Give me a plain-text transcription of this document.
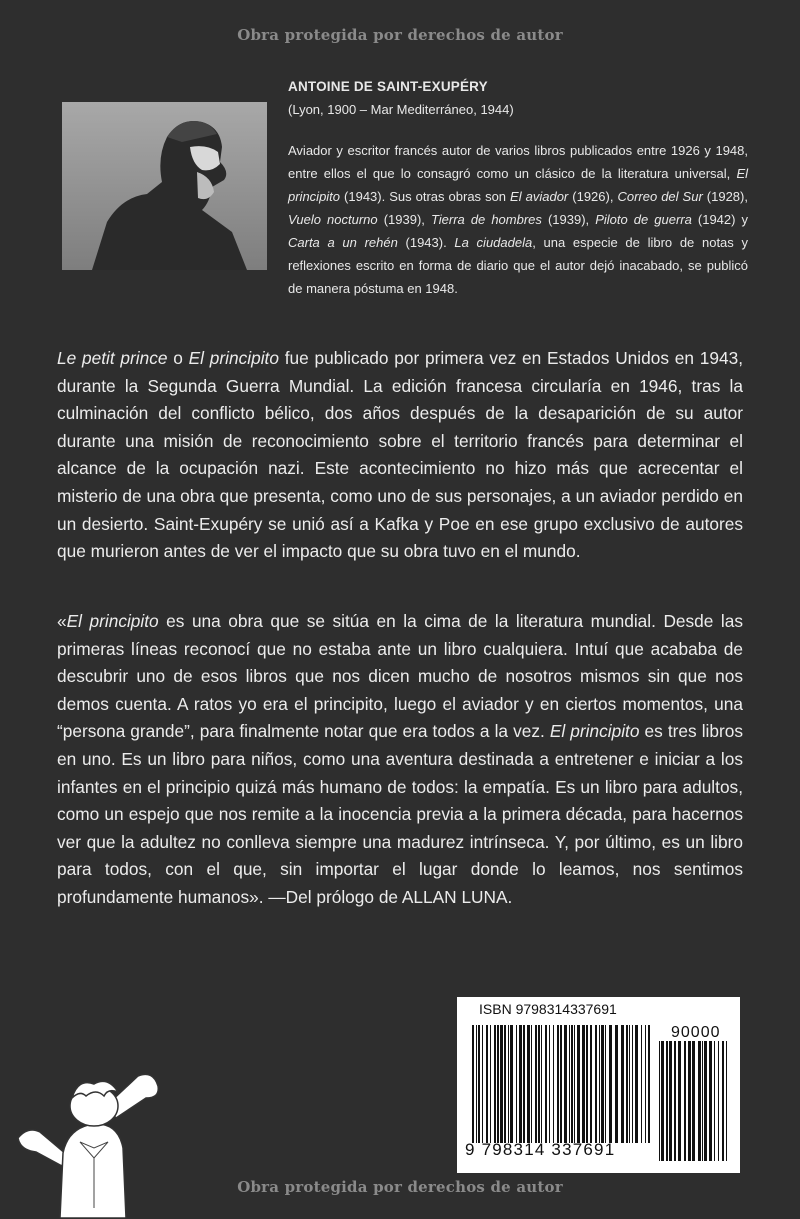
Obra protegida por derechos de autor
ANTOINE DE SAINT-EXUPÉRY
(Lyon, 1900 – Mar Mediterráneo, 1944)
Aviador y escritor francés autor de varios libros publicados entre 1926 y 1948, entre ellos el que lo consagró como un clásico de la literatura universal, El principito (1943). Sus otras obras son El aviador (1926), Correo del Sur (1928), Vuelo nocturno (1939), Tierra de hombres (1939), Piloto de guerra (1942) y Carta a un rehén (1943). La ciudadela, una especie de libro de notas y reflexiones escrito en forma de diario que el autor dejó inacabado, se publicó de manera póstuma en 1948.
Le petit prince o El principito fue publicado por primera vez en Estados Unidos en 1943, durante la Segunda Guerra Mundial. La edición francesa circularía en 1946, tras la culminación del conflicto bélico, dos años después de la desaparición de su autor durante una misión de reconocimiento sobre el territorio francés para determinar el alcance de la ocupación nazi. Este acontecimiento no hizo más que acrecentar el misterio de una obra que presenta, como uno de sus personajes, a un aviador perdido en un desierto. Saint-Exupéry se unió así a Kafka y Poe en ese grupo exclusivo de autores que murieron antes de ver el impacto que su obra tuvo en el mundo.
«El principito es una obra que se sitúa en la cima de la literatura mundial. Desde las primeras líneas reconocí que no estaba ante un libro cualquiera. Intuí que acababa de descubrir uno de esos libros que nos dicen mucho de nosotros mismos sin que nos demos cuenta. A ratos yo era el principito, luego el aviador y en ciertos momentos, una “persona grande”, para finalmente notar que era todos a la vez. El principito es tres libros en uno. Es un libro para niños, como una aventura destinada a entretener e iniciar a los infantes en el principio quizá más humano de todos: la empatía. Es un libro para adultos, como un espejo que nos remite a la inocencia previa a la primera década, para hacernos ver que la adultez no conlleva siempre una madurez intrínseca. Y, por último, es un libro para todos, con el que, sin importar el lugar donde lo leamos, nos sentimos profundamente humanos». —Del prólogo de ALLAN LUNA.
ISBN 9798314337691
90000
9 798314 337691
Obra protegida por derechos de autor
